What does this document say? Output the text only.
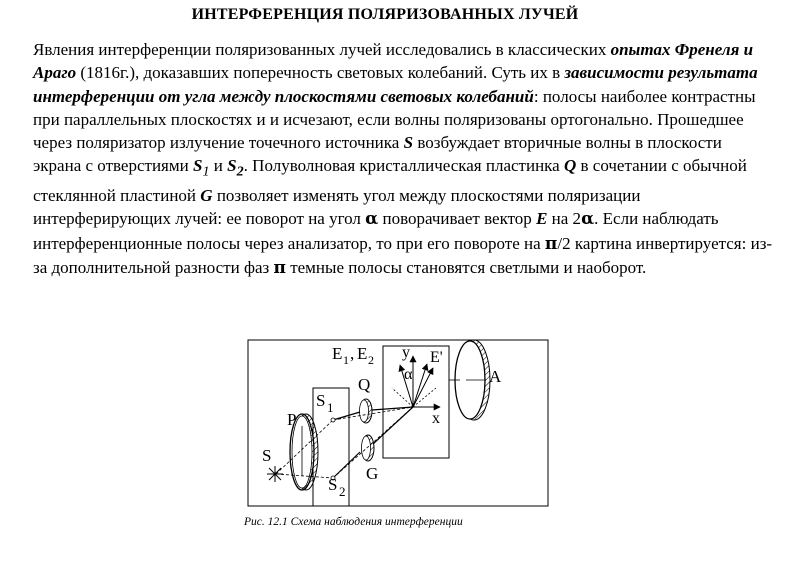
ИНТЕРФЕРЕНЦИЯ ПОЛЯРИЗОВАННЫХ ЛУЧЕЙ

Явления интерференции поляризованных лучей исследовались в классических опытах Френеля и Араго (1816г.), доказавших поперечность световых колебаний. Суть их в зависимости результата интерференции от угла между плоскостями световых колебаний: полосы наиболее контрастны при параллельных плоскостях и и исчезают, если волны поляризованы ортогонально. Прошедшее через поляризатор излучение точечного источника S возбуждает вторичные волны в плоскости экрана с отверстиями $S_1$ и $S_2$. Полуволновая кристаллическая пластинка Q в сочетании с обычной стеклянной пластиной G позволяет изменять угол между плоскостями поляризации интерферирующих лучей: ее поворот на угол α поворачивает вектор E на 2α. Если наблюдать интерференционные полосы через анализатор, то при его повороте на π/2 картина инвертируется: из-за дополнительной разности фаз π темные полосы становятся светлыми и наоборот.

E 1 , E 2 y E'
α	A
Q
S 1
x
P
S
S 2
G
Рис. 12.1 Схема наблюдения интерференции
